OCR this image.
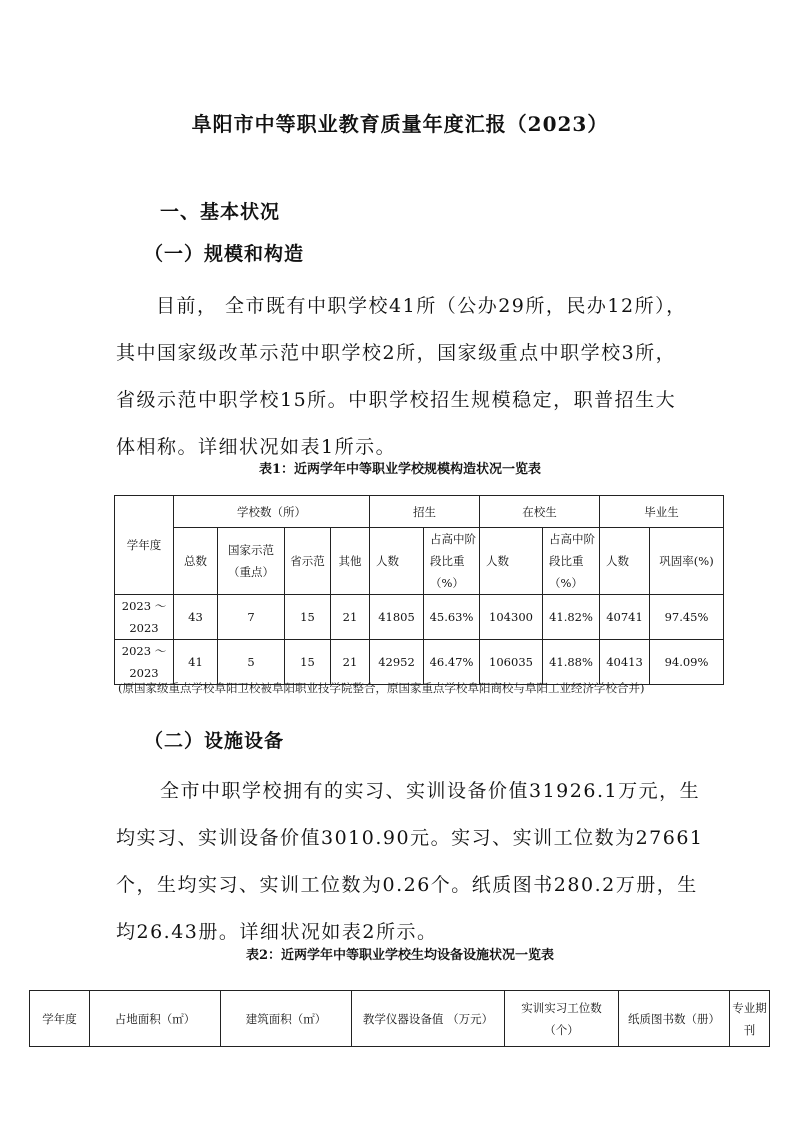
阜阳市中等职业教育质量年度汇报（2023）
一、基本状况
（一）规模和构造
目前， 全市既有中职学校41所（公办29所，民办12所），其中国家级改革示范中职学校2所，国家级重点中职学校3所，省级示范中职学校15所。中职学校招生规模稳定，职普招生大体相称。详细状况如表1所示。
表1：近两学年中等职业学校规模构造状况一览表
学年度	学校数（所）				招生		在校生		毕业生	
	总数	国家示范（重点）	省示范	其他	人数	占高中阶段比重（%）	人数	占高中阶段比重（%）	人数	巩固率(%)
2023 ～ 2023	43	7	15	21	41805	45.63%	104300	41.82%	40741	97.45%
2023 ～ 2023	41	5	15	21	42952	46.47%	106035	41.88%	40413	94.09%
(原国家级重点学校阜阳卫校被阜阳职业技学院整合，原国家重点学校阜阳商校与阜阳工业经济学校合并)
（二）设施设备
全市中职学校拥有的实习、实训设备价值31926.1万元，生均实习、实训设备价值3010.90元。实习、实训工位数为27661个，生均实习、实训工位数为0.26个。纸质图书280.2万册，生均26.43册。详细状况如表2所示。
表2：近两学年中等职业学校生均设备设施状况一览表
学年度	占地面积（㎡）	建筑面积（㎡）	教学仪器设备值 （万元）	实训实习工位数（个）	纸质图书数（册）	专业期刊
